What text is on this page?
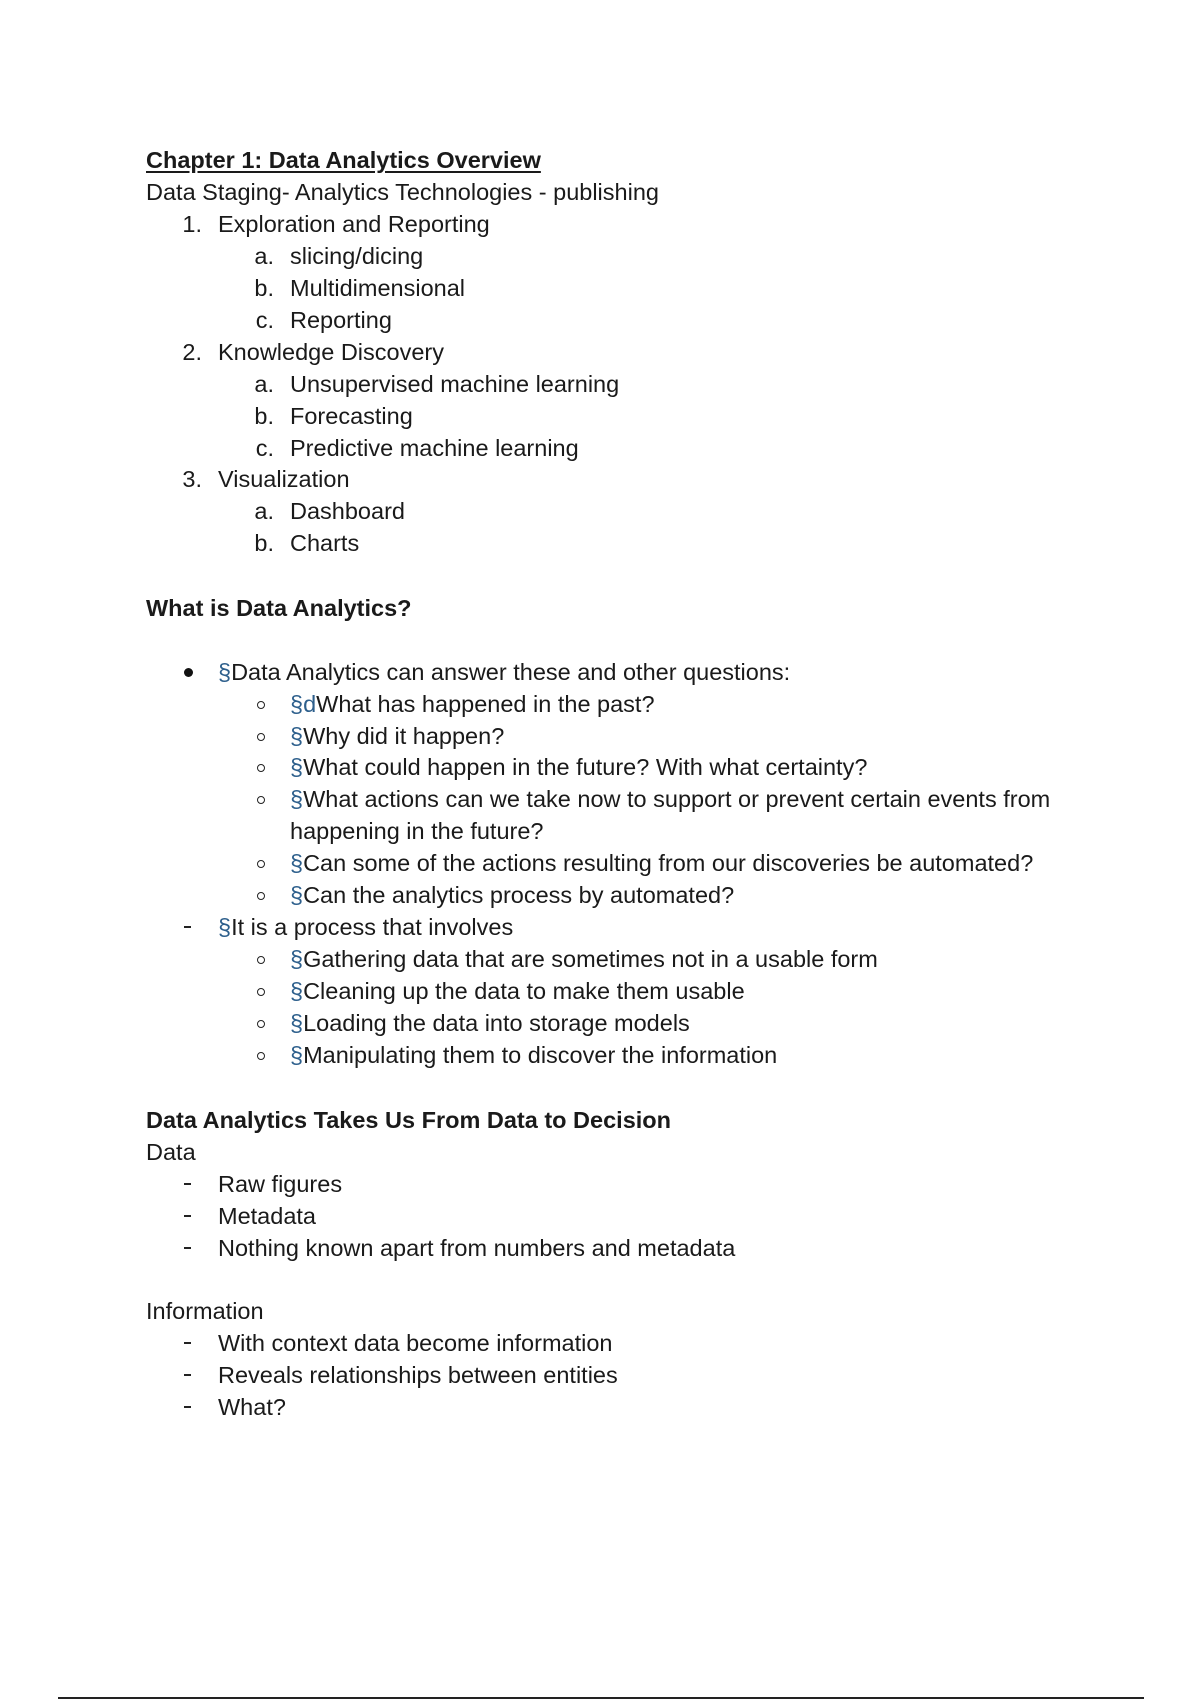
Chapter 1: Data Analytics Overview
Data Staging- Analytics Technologies - publishing
1. Exploration and Reporting
a. slicing/dicing
b. Multidimensional
c. Reporting
2. Knowledge Discovery
a. Unsupervised machine learning
b. Forecasting
c. Predictive machine learning
3. Visualization
a. Dashboard
b. Charts
What is Data Analytics?
§Data Analytics can answer these and other questions:
§dWhat has happened in the past?
§Why did it happen?
§What could happen in the future? With what certainty?
§What actions can we take now to support or prevent certain events from
happening in the future?
§Can some of the actions resulting from our discoveries be automated?
§Can the analytics process by automated?
§It is a process that involves
§Gathering data that are sometimes not in a usable form
§Cleaning up the data to make them usable
§Loading the data into storage models
§Manipulating them to discover the information
Data Analytics Takes Us From Data to Decision
Data
Raw figures
Metadata
Nothing known apart from numbers and metadata
Information
With context data become information
Reveals relationships between entities
What?
